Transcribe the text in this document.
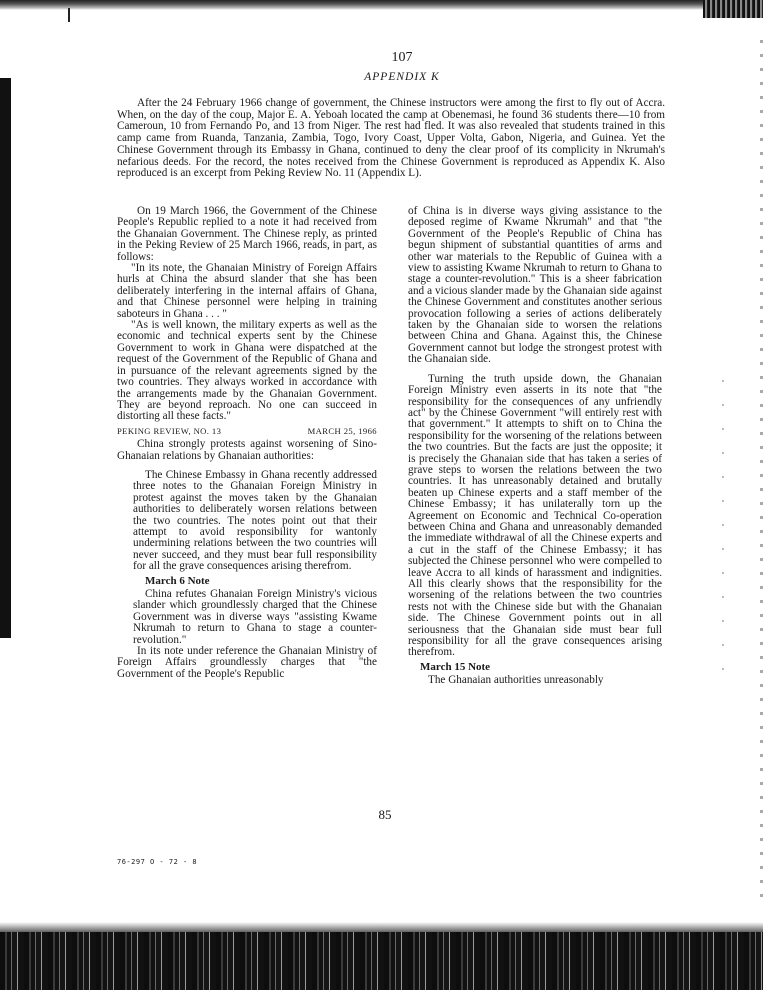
107

APPENDIX K

After the 24 February 1966 change of government, the Chinese instructors were among the first to fly out of Accra. When, on the day of the coup, Major E. A. Yeboah located the camp at Obenemasi, he found 36 students there—10 from Cameroun, 10 from Fernando Po, and 13 from Niger. The rest had fled. It was also revealed that students trained in this camp came from Ruanda, Tanzania, Zambia, Togo, Ivory Coast, Upper Volta, Gabon, Nigeria, and Guinea. Yet the Chinese Government through its Embassy in Ghana, continued to deny the clear proof of its complicity in Nkrumah's nefarious deeds. For the record, the notes received from the Chinese Government is reproduced as Appendix K. Also reproduced is an excerpt from Peking Review No. 11 (Appendix L).

On 19 March 1966, the Government of the Chinese People's Republic replied to a note it had received from the Ghanaian Government. The Chinese reply, as printed in the Peking Review of 25 March 1966, reads, in part, as follows:

"In its note, the Ghanaian Ministry of Foreign Affairs hurls at China the absurd slander that she has been deliberately interfering in the internal affairs of Ghana, and that Chinese personnel were helping in training saboteurs in Ghana . . . "

"As is well known, the military experts as well as the economic and technical experts sent by the Chinese Government to work in Ghana were dispatched at the request of the Government of the Republic of Ghana and in pursuance of the relevant agreements signed by the two countries. They always worked in accordance with the arrangements made by the Ghanaian Government. They are beyond reproach. No one can succeed in distorting all these facts."

PEKING REVIEW, NO. 13	MARCH 25, 1966

China strongly protests against worsening of Sino-Ghanaian relations by Ghanaian authorities:

The Chinese Embassy in Ghana recently addressed three notes to the Ghanaian Foreign Ministry in protest against the moves taken by the Ghanaian authorities to deliberately worsen relations between the two countries. The notes point out that their attempt to avoid responsibility for wantonly undermining relations between the two countries will never succeed, and they must bear full responsibility for all the grave consequences arising therefrom.

March 6 Note

China refutes Ghanaian Foreign Ministry's vicious slander which groundlessly charged that the Chinese Government was in diverse ways "assisting Kwame Nkrumah to return to Ghana to stage a counter-revolution."

In its note under reference the Ghanaian Ministry of Foreign Affairs groundlessly charges that "the Government of the People's Republic

of China is in diverse ways giving assistance to the deposed regime of Kwame Nkrumah" and that "the Government of the People's Republic of China has begun shipment of substantial quantities of arms and other war materials to the Republic of Guinea with a view to assisting Kwame Nkrumah to return to Ghana to stage a counter-revolution." This is a sheer fabrication and a vicious slander made by the Ghanaian side against the Chinese Government and constitutes another serious provocation following a series of actions deliberately taken by the Ghanaian side to worsen the relations between China and Ghana. Against this, the Chinese Government cannot but lodge the strongest protest with the Ghanaian side.

Turning the truth upside down, the Ghanaian Foreign Ministry even asserts in its note that "the responsibility for the consequences of any unfriendly act" by the Chinese Government "will entirely rest with that government." It attempts to shift on to China the responsibility for the worsening of the relations between the two countries. But the facts are just the opposite; it is precisely the Ghanaian side that has taken a series of grave steps to worsen the relations between the two countries. It has unreasonably detained and brutally beaten up Chinese experts and a staff member of the Chinese Embassy; it has unilaterally torn up the Agreement on Economic and Technical Co-operation between China and Ghana and unreasonably demanded the immediate withdrawal of all the Chinese experts and a cut in the staff of the Chinese Embassy; it has subjected the Chinese personnel who were compelled to leave Accra to all kinds of harassment and indignities. All this clearly shows that the responsibility for the worsening of the relations between the two countries rests not with the Chinese side but with the Ghanaian side. The Chinese Government points out in all seriousness that the Ghanaian side must bear full responsibility for all the grave consequences arising therefrom.

March 15 Note

The Ghanaian authorities unreasonably

85

76-297 O - 72 - 8
